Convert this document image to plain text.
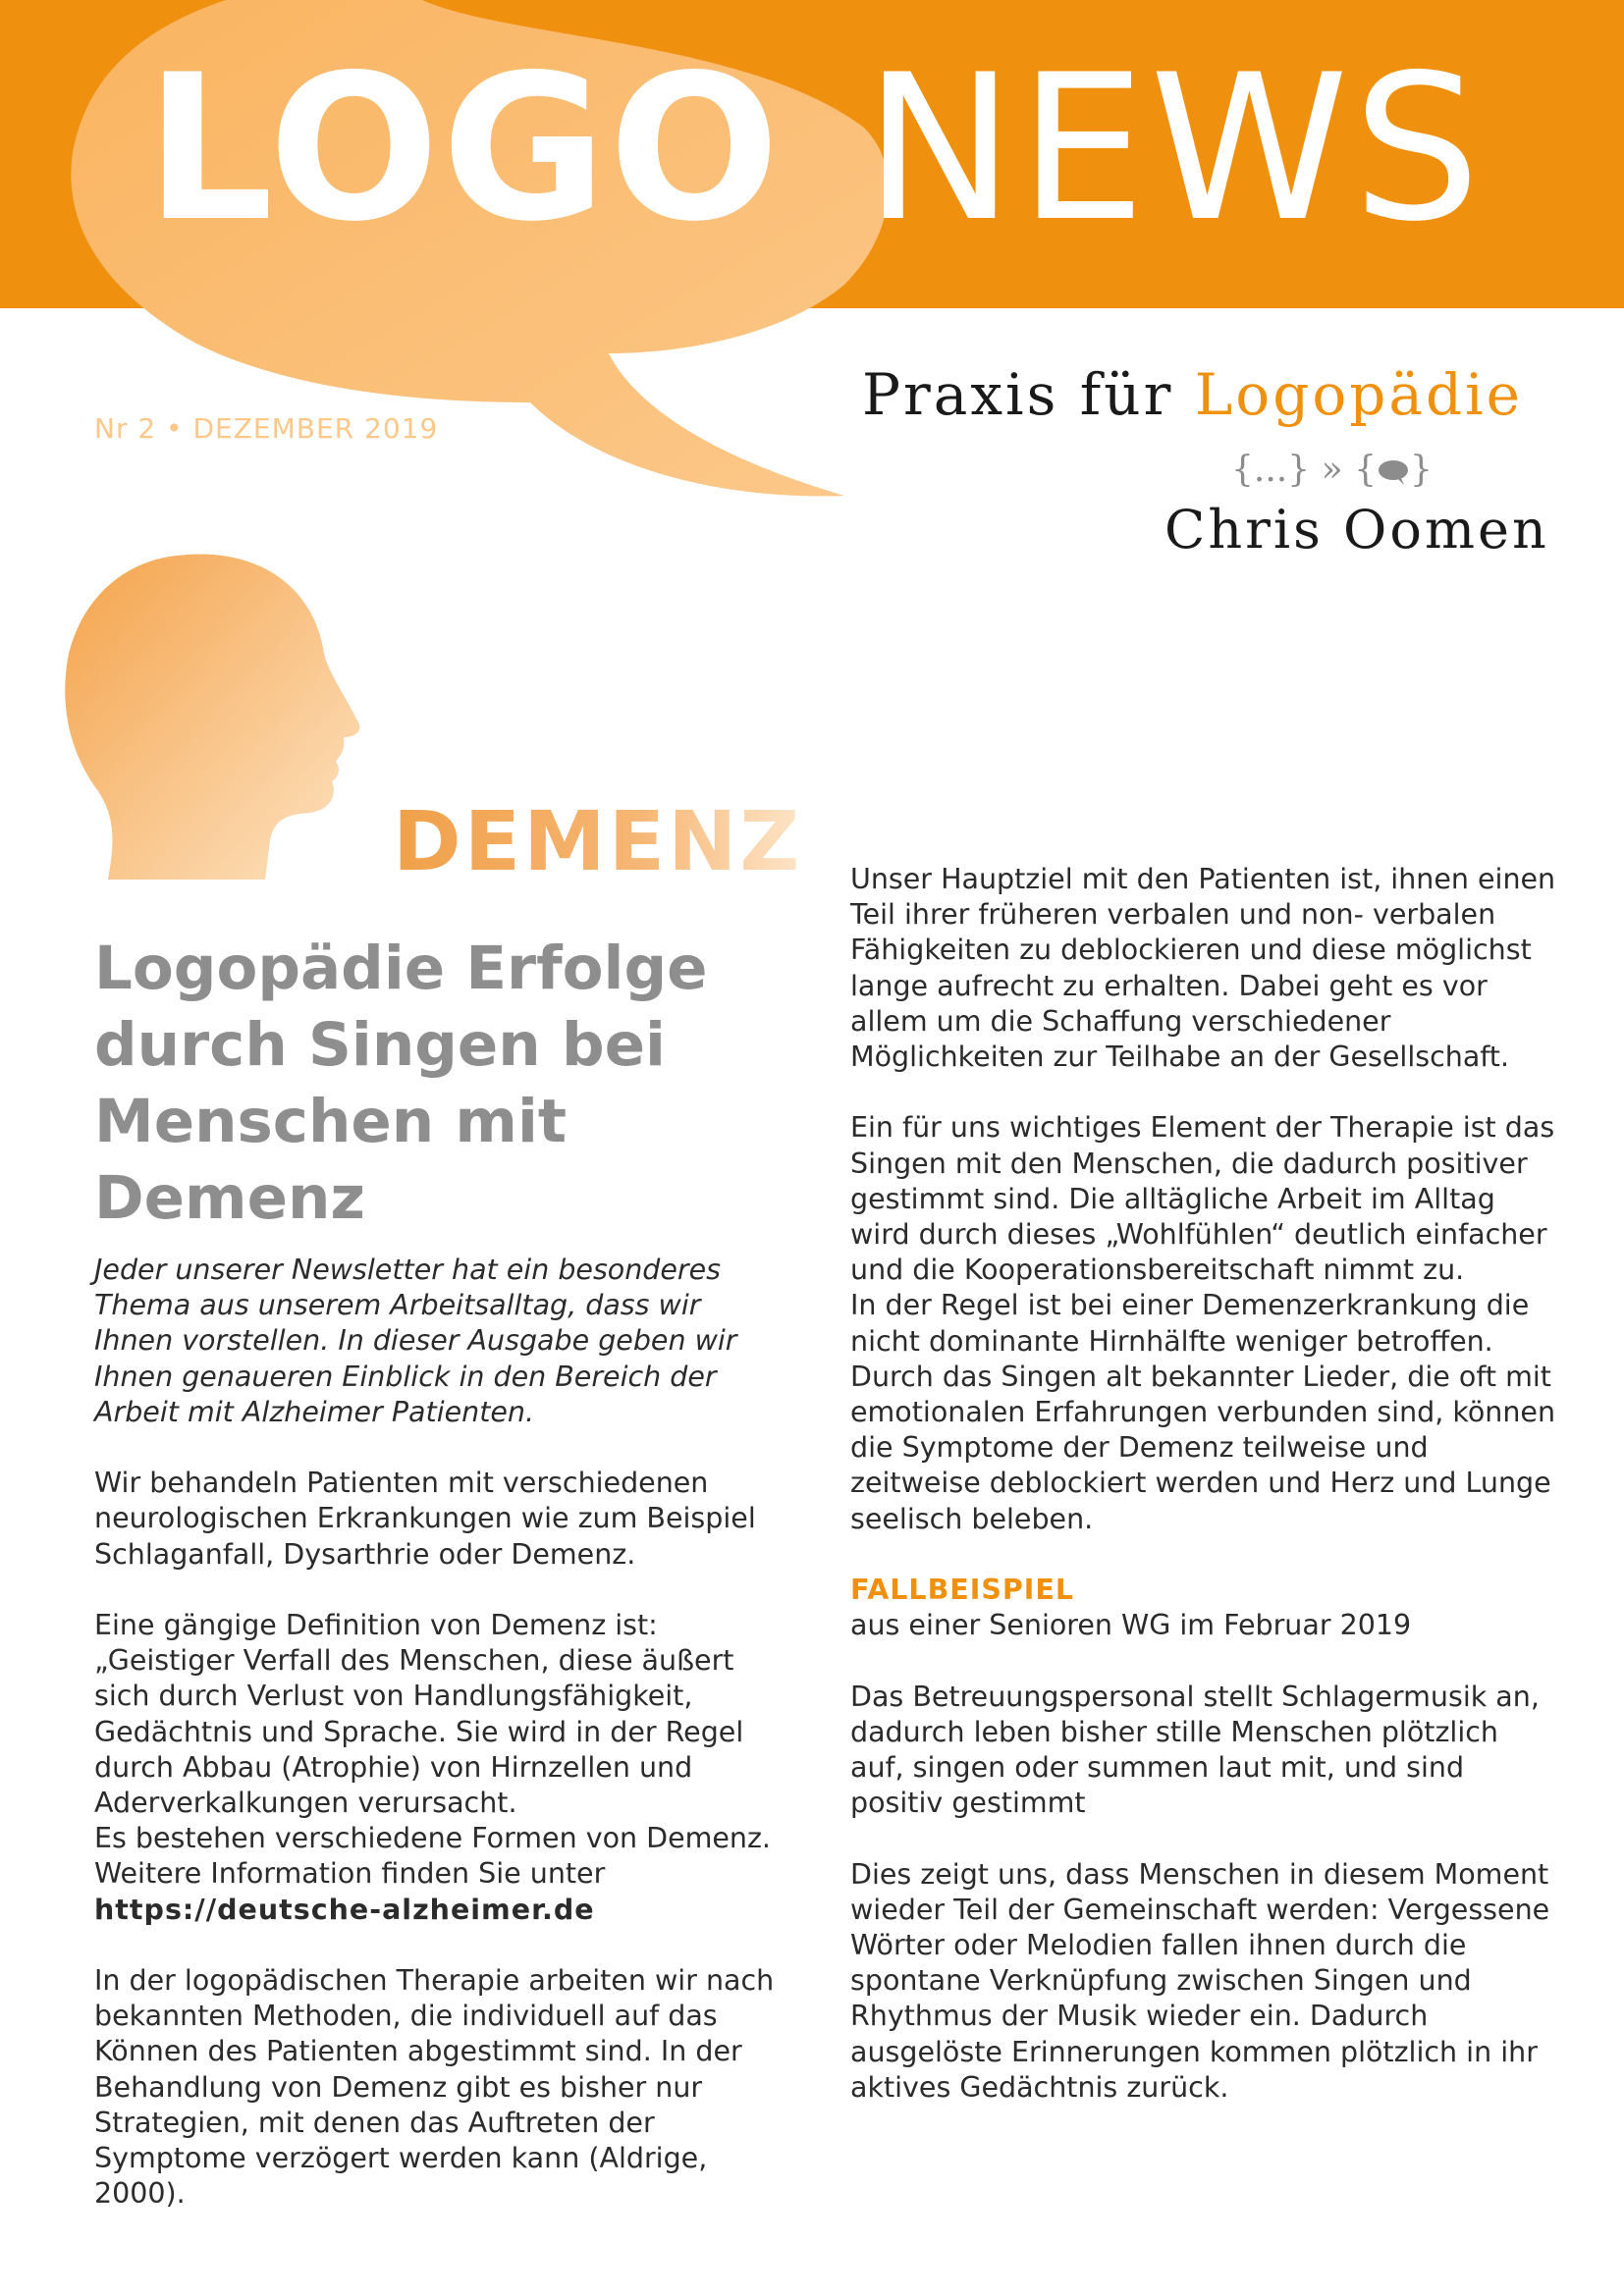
LOGO NEWS
Nr 2 • DEZEMBER 2019
Praxis für Logopädie
{...} » { }
Chris Oomen
DEMENZ
Logopädie Erfolge durch Singen bei Menschen mit Demenz

Jeder unserer Newsletter hat ein besonderes Thema aus unserem Arbeitsalltag, dass wir Ihnen vorstellen. In dieser Ausgabe geben wir Ihnen genaueren Einblick in den Bereich der Arbeit mit Alzheimer Patienten.

Wir behandeln Patienten mit verschiedenen neurologischen Erkrankungen wie zum Beispiel Schlaganfall, Dysarthrie oder Demenz.

Eine gängige Definition von Demenz ist: „Geistiger Verfall des Menschen, diese äußert sich durch Verlust von Handlungsfähigkeit, Gedächtnis und Sprache. Sie wird in der Regel durch Abbau (Atrophie) von Hirnzellen und Aderverkalkungen verursacht.
Es bestehen verschiedene Formen von Demenz. Weitere Information finden Sie unter
https://deutsche-alzheimer.de

In der logopädischen Therapie arbeiten wir nach bekannten Methoden, die individuell auf das Können des Patienten abgestimmt sind. In der Behandlung von Demenz gibt es bisher nur Strategien, mit denen das Auftreten der Symptome verzögert werden kann (Aldrige, 2000).

Unser Hauptziel mit den Patienten ist, ihnen einen Teil ihrer früheren verbalen und non- verbalen Fähigkeiten zu deblockieren und diese möglichst lange aufrecht zu erhalten. Dabei geht es vor allem um die Schaffung verschiedener Möglichkeiten zur Teilhabe an der Gesellschaft.

Ein für uns wichtiges Element der Therapie ist das Singen mit den Menschen, die dadurch positiver gestimmt sind. Die alltägliche Arbeit im Alltag wird durch dieses „Wohlfühlen“ deutlich einfacher und die Kooperationsbereitschaft nimmt zu.
In der Regel ist bei einer Demenzerkrankung die nicht dominante Hirnhälfte weniger betroffen. Durch das Singen alt bekannter Lieder, die oft mit emotionalen Erfahrungen verbunden sind, können die Symptome der Demenz teilweise und zeitweise deblockiert werden und Herz und Lunge seelisch beleben.

FALLBEISPIEL
aus einer Senioren WG im Februar 2019

Das Betreuungspersonal stellt Schlagermusik an, dadurch leben bisher stille Menschen plötzlich auf, singen oder summen laut mit, und sind positiv gestimmt

Dies zeigt uns, dass Menschen in diesem Moment wieder Teil der Gemeinschaft werden: Vergessene Wörter oder Melodien fallen ihnen durch die spontane Verknüpfung zwischen Singen und Rhythmus der Musik wieder ein. Dadurch ausgelöste Erinnerungen kommen plötzlich in ihr aktives Gedächtnis zurück.
